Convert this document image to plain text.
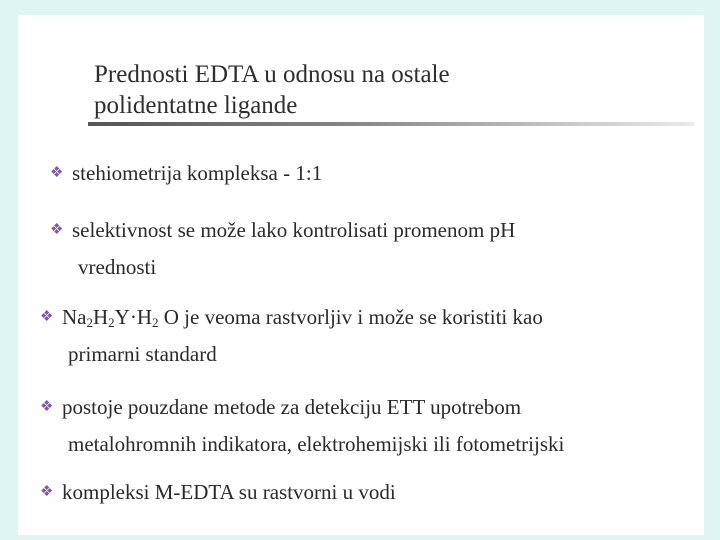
Prednosti EDTA u odnosu na ostale
polidentatne ligande
❖ stehiometrija kompleksa - 1:1
❖ selektivnost se može lako kontrolisati promenom pH
vrednosti
❖ $Na_2H_2Y\cdot H_2$ O je veoma rastvorljiv i može se koristiti kao
primarni standard
❖ postoje pouzdane metode za detekciju ETT upotrebom
metalohromnih indikatora, elektrohemijski ili fotometrijski
❖ kompleksi M-EDTA su rastvorni u vodi
